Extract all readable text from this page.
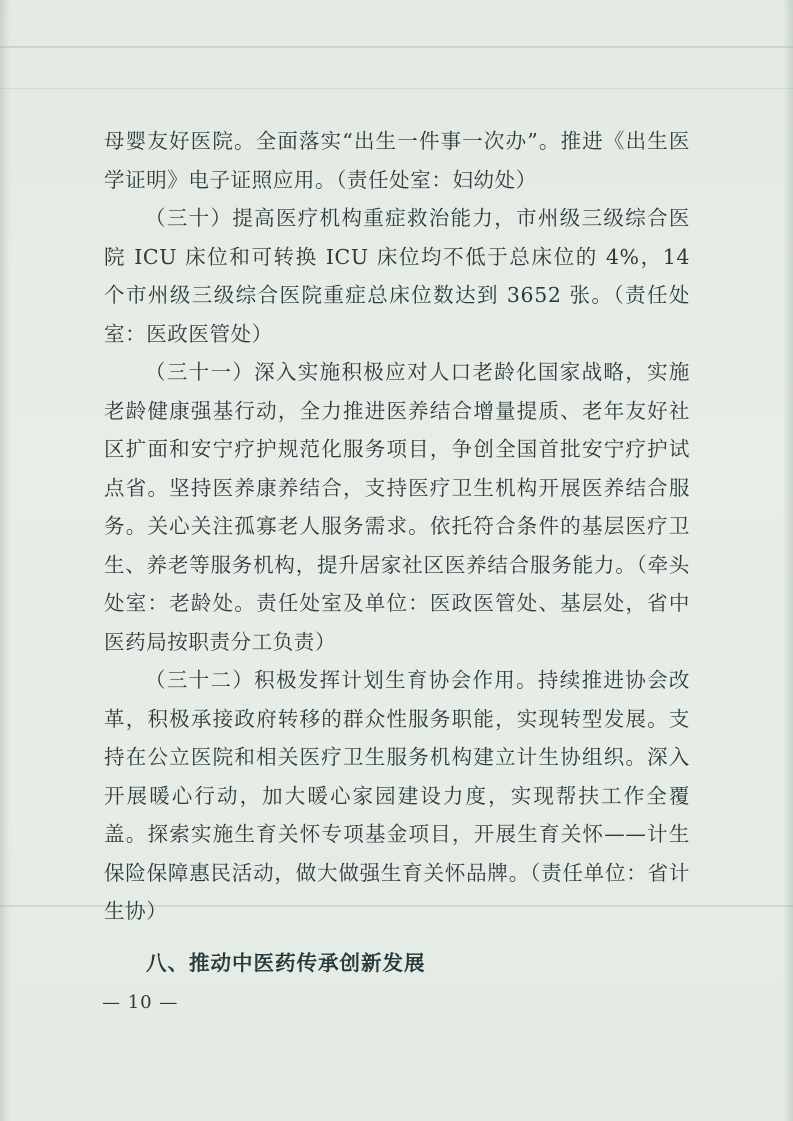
母婴友好医院。全面落实“出生一件事一次办”。推进《出生医学证明》电子证照应用。（责任处室：妇幼处）

（三十）提高医疗机构重症救治能力，市州级三级综合医院 ICU 床位和可转换 ICU 床位均不低于总床位的 4%，14 个市州级三级综合医院重症总床位数达到 3652 张。（责任处室：医政医管处）

（三十一）深入实施积极应对人口老龄化国家战略，实施老龄健康强基行动，全力推进医养结合增量提质、老年友好社区扩面和安宁疗护规范化服务项目，争创全国首批安宁疗护试点省。坚持医养康养结合，支持医疗卫生机构开展医养结合服务。关心关注孤寡老人服务需求。依托符合条件的基层医疗卫生、养老等服务机构，提升居家社区医养结合服务能力。（牵头处室：老龄处。责任处室及单位：医政医管处、基层处，省中医药局按职责分工负责）

（三十二）积极发挥计划生育协会作用。持续推进协会改革，积极承接政府转移的群众性服务职能，实现转型发展。支持在公立医院和相关医疗卫生服务机构建立计生协组织。深入开展暖心行动，加大暖心家园建设力度，实现帮扶工作全覆盖。探索实施生育关怀专项基金项目，开展生育关怀——计生保险保障惠民活动，做大做强生育关怀品牌。（责任单位：省计生协）

八、推动中医药传承创新发展
— 10 —
